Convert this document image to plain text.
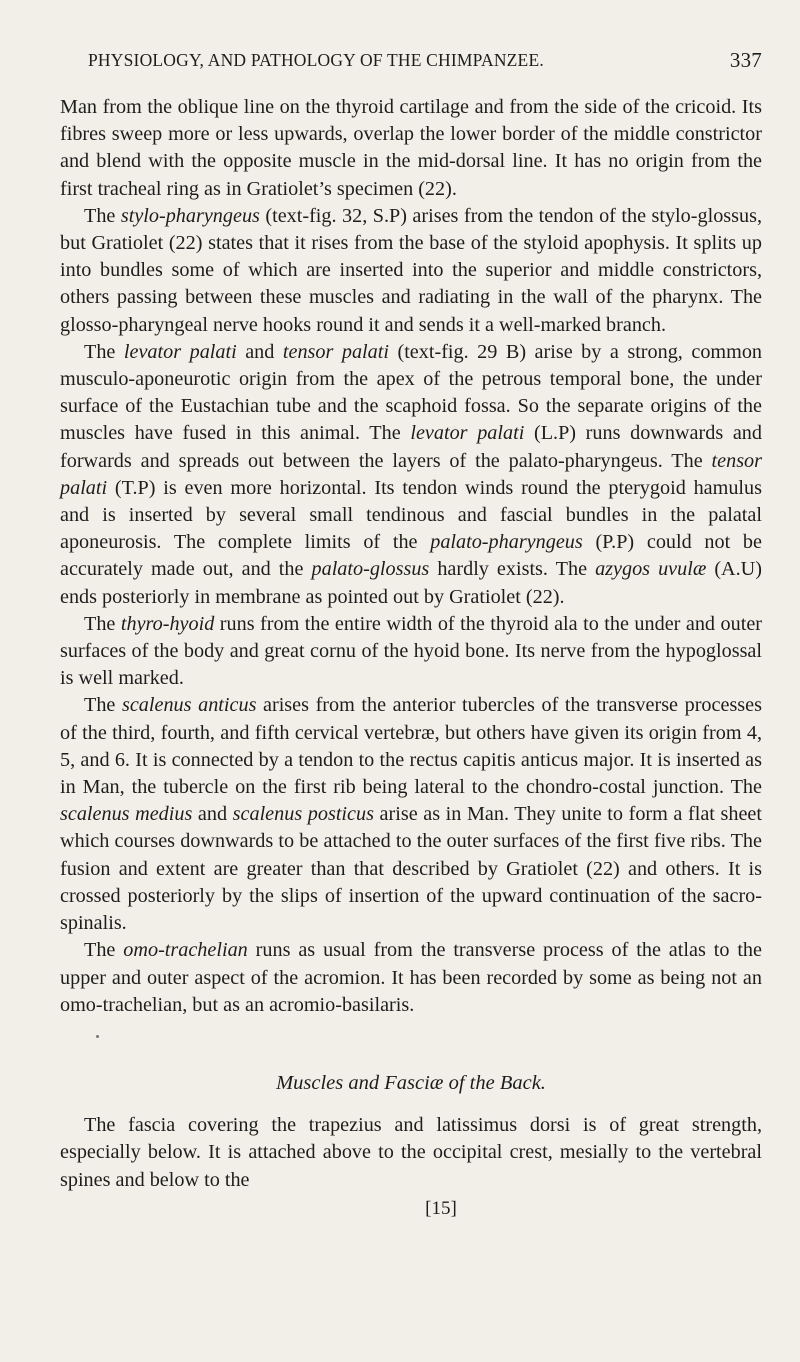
PHYSIOLOGY, AND PATHOLOGY OF THE CHIMPANZEE.	337

Man from the oblique line on the thyroid cartilage and from the side of the cricoid. Its fibres sweep more or less upwards, overlap the lower border of the middle constrictor and blend with the opposite muscle in the mid-dorsal line. It has no origin from the first tracheal ring as in Gratiolet’s specimen (22).

The stylo-pharyngeus (text-fig. 32, S.P) arises from the tendon of the stylo-glossus, but Gratiolet (22) states that it rises from the base of the styloid apophysis. It splits up into bundles some of which are inserted into the superior and middle constrictors, others passing between these muscles and radiating in the wall of the pharynx. The glosso-pharyngeal nerve hooks round it and sends it a well-marked branch.

The levator palati and tensor palati (text-fig. 29 B) arise by a strong, common musculo-aponeurotic origin from the apex of the petrous temporal bone, the under surface of the Eustachian tube and the scaphoid fossa. So the separate origins of the muscles have fused in this animal. The levator palati (L.P) runs downwards and forwards and spreads out between the layers of the palato-pharyngeus. The tensor palati (T.P) is even more horizontal. Its tendon winds round the pterygoid hamulus and is inserted by several small tendinous and fascial bundles in the palatal aponeurosis. The complete limits of the palato-pharyngeus (P.P) could not be accurately made out, and the palato-glossus hardly exists. The azygos uvulæ (A.U) ends posteriorly in membrane as pointed out by Gratiolet (22).

The thyro-hyoid runs from the entire width of the thyroid ala to the under and outer surfaces of the body and great cornu of the hyoid bone. Its nerve from the hypoglossal is well marked.

The scalenus anticus arises from the anterior tubercles of the transverse processes of the third, fourth, and fifth cervical vertebræ, but others have given its origin from 4, 5, and 6. It is connected by a tendon to the rectus capitis anticus major. It is inserted as in Man, the tubercle on the first rib being lateral to the chondro-costal junction. The scalenus medius and scalenus posticus arise as in Man. They unite to form a flat sheet which courses downwards to be attached to the outer surfaces of the first five ribs. The fusion and extent are greater than that described by Gratiolet (22) and others. It is crossed posteriorly by the slips of insertion of the upward continuation of the sacro-spinalis.

The omo-trachelian runs as usual from the transverse process of the atlas to the upper and outer aspect of the acromion. It has been recorded by some as being not an omo-trachelian, but as an acromio-basilaris.

Muscles and Fasciæ of the Back.

The fascia covering the trapezius and latissimus dorsi is of great strength, especially below. It is attached above to the occipital crest, mesially to the vertebral spines and below to the

[15]
